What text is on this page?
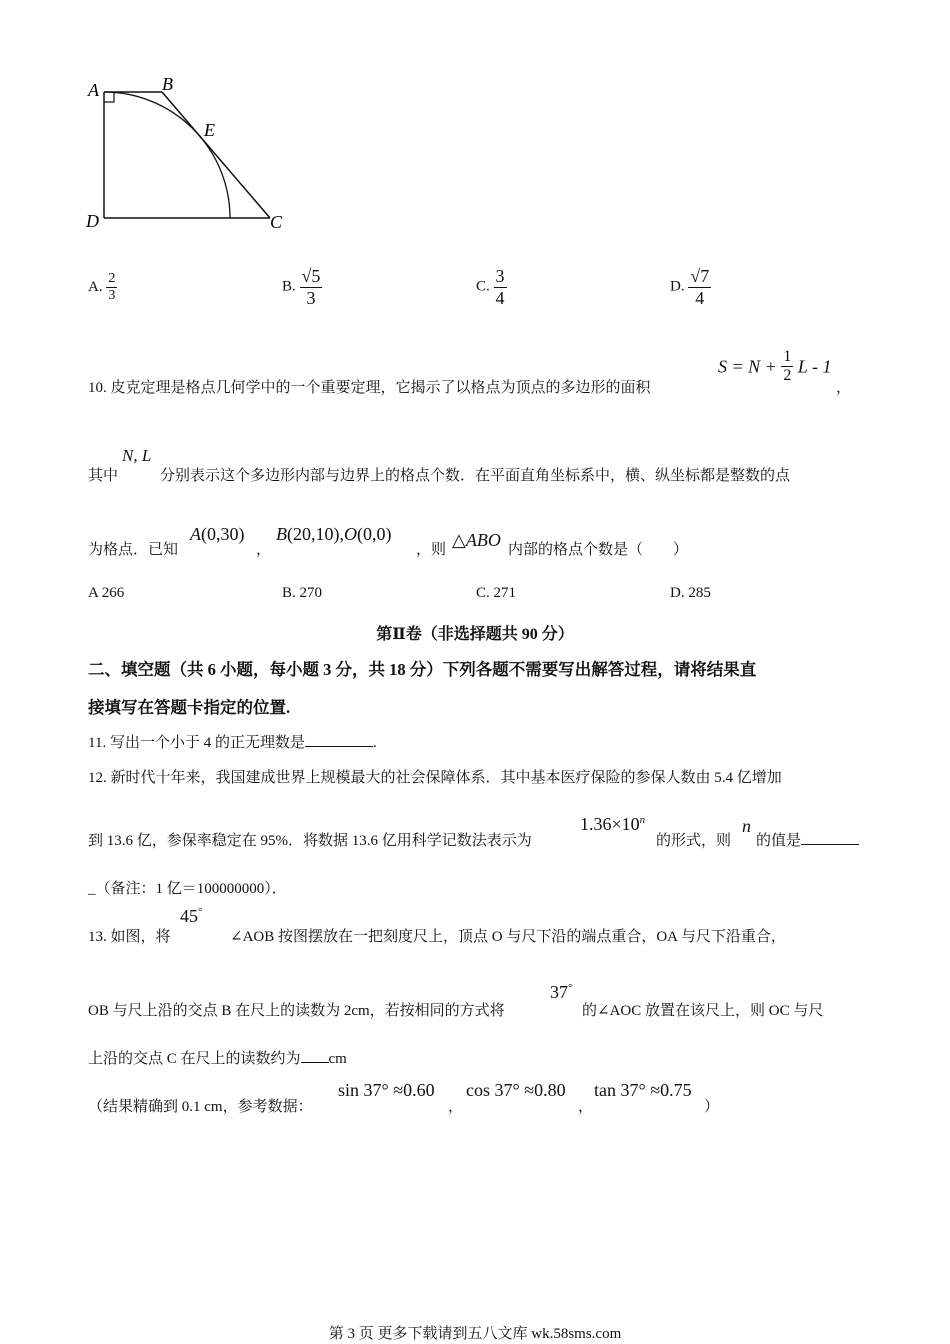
A	B
E
D	C
A. $\frac{2}{3}$	B. $\frac{√5}{3}$	C. $\frac{3}{4}$	D. $\frac{√7}{4}$
10. 皮克定理是格点几何学中的一个重要定理，它揭示了以格点为顶点的多边形的面积
$S = N + \frac{1}{2}$ L - 1
，
其中
N, L
分别表示这个多边形内部与边界上的格点个数．在平面直角坐标系中，横、纵坐标都是整数的点
为格点．已知
A(0,30)
，
B(20,10),O(0,0)
，则 △ABO 内部的格点个数是（　　）
A 266	B. 270	C. 271	D. 285
第Ⅱ卷（非选择题共 90 分）
二、填空题（共 6 小题，每小题 3 分，共 18 分）下列各题不需要写出解答过程，请将结果直
接填写在答题卡指定的位置.
11. 写出一个小于 4 的正无理数是	.
12. 新时代十年来，我国建成世界上规模最大的社会保障体系．其中基本医疗保险的参保人数由 5.4 亿增加
到 13.6 亿，参保率稳定在 95%．将数据 13.6 亿用科学记数法表示为
$1.36\times 10^n$
的形式，则
n
的值是
_（备注：1 亿＝100000000）．
13. 如图，将
45°
∠AOB 按图摆放在一把刻度尺上，顶点 O 与尺下沿的端点重合，OA 与尺下沿重合，
OB 与尺上沿的交点 B 在尺上的读数为 2cm，若按相同的方式将
37°
的∠AOC 放置在该尺上，则 OC 与尺
上沿的交点 C 在尺上的读数约为 cm
（结果精确到 0.1 cm，参考数据：
sin 37° ≈0.60
，
cos 37° ≈0.80
，
tan 37° ≈0.75
）
第 3 页 更多下载请到五八文库 wk.58sms.com
